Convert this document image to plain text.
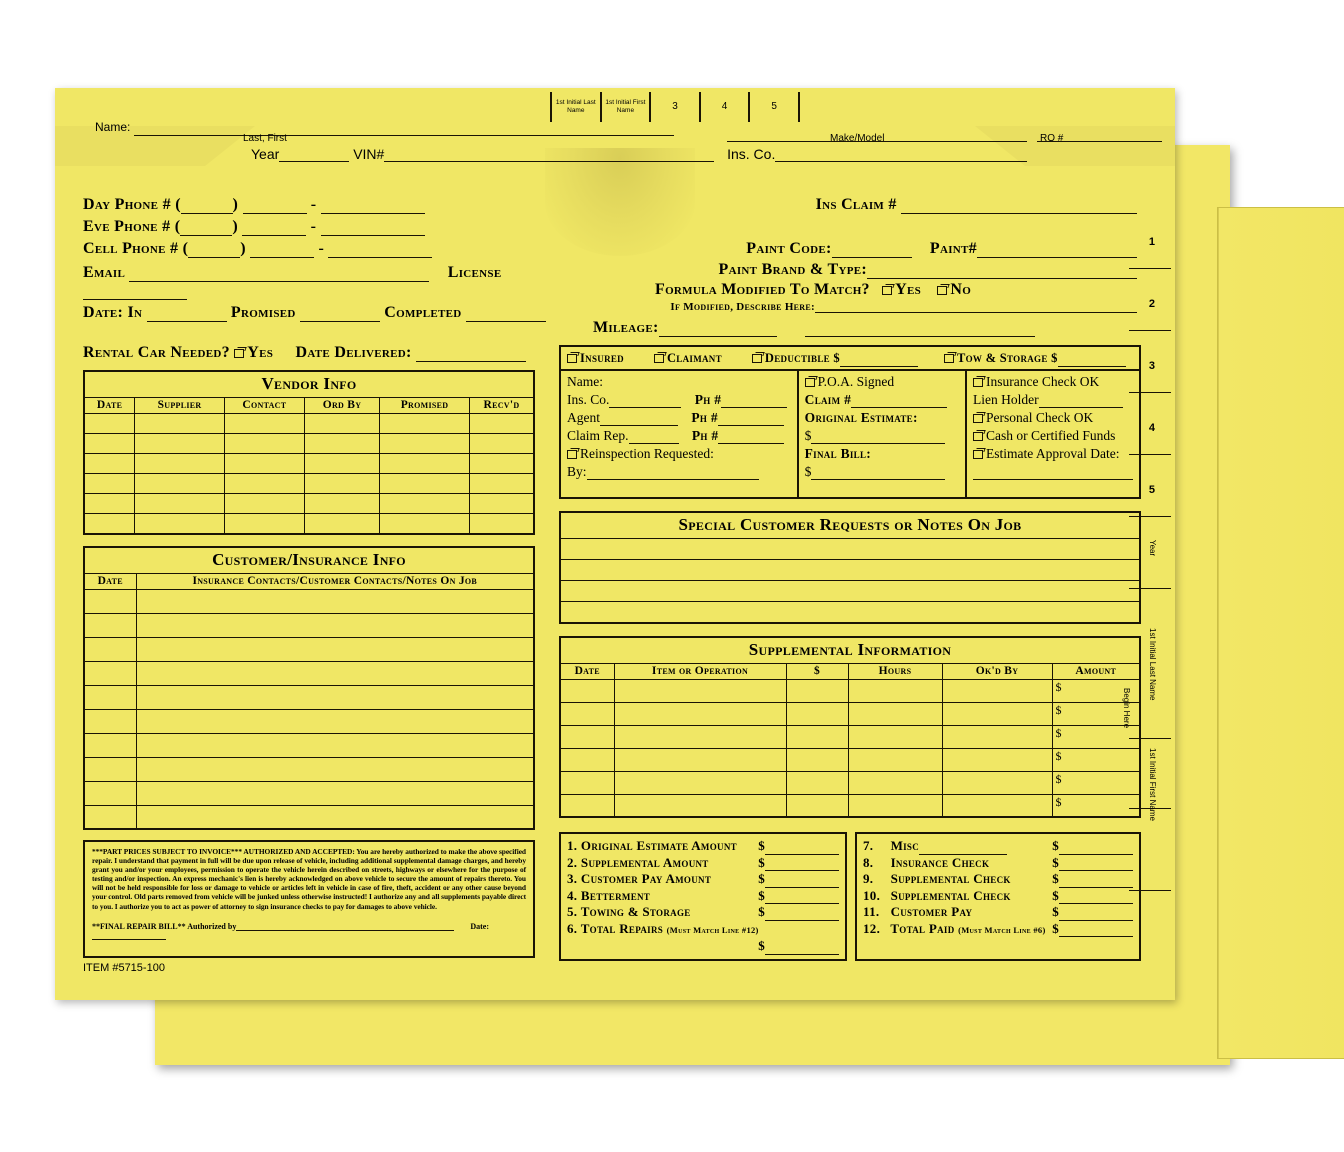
1st Initial Last Name
1st Initial First Name	3	4	5
Name:
Last, First	Make/Model	RO #
Year	VIN#	Ins. Co.
Day Phone # (	)	-
Eve Phone # (	)	-
Cell Phone # (	)	-
Email	License
Date: In	Promised	Completed
Rental Car Needed? Yes Date Delivered:
Vendor Info					
Date	Supplier	Contact	Ord By	Promised	Recv'd

Customer/Insurance Info	
Date	Insurance Contacts/Customer Contacts/Notes On Job

***PART PRICES SUBJECT TO INVOICE*** AUTHORIZED AND ACCEPTED: You are hereby authorized to make the above specified repair. I understand that payment in full will be due upon release of vehicle, including additional supplemental damage charges, and hereby grant you and/or your employees, permission to operate the vehicle herein described on streets, highways or elsewhere for the purpose of testing and/or inspection. An express mechanic's lien is hereby acknowledged on above vehicle to secure the amount of repairs thereto. You will not be held responsible for loss or damage to vehicle or articles left in vehicle in case of fire, theft, accident or any other cause beyond your control. Old parts removed from vehicle will be junked unless otherwise instructed! I authorize any and all supplements payable direct to you. I authorize you to act as power of attorney to sign insurance checks to pay for damages to above vehicle.
**FINAL REPAIR BILL** Authorized by	Date:
ITEM #5715-100
Ins Claim #
Paint Code:	Paint#
Paint Brand & Type:
Formula Modified To Match? Yes No
If Modified, Describe Here:
Mileage:
Insured	Claimant	Deductible $	Tow & Storage $
Name:
Ins. Co.	Ph #
Agent	Ph #
Claim Rep.	Ph #
Reinspection Requested:
By:
P.O.A. Signed
Claim #
Original Estimate:
$
Final Bill:
$
Insurance Check OK
Lien Holder
Personal Check OK
Cash or Certified Funds
Estimate Approval Date:
Special Customer Requests or Notes On Job

Supplemental Information					
Date	Item or Operation	$	Hours	Ok'd By	Amount
					$
					$
					$
					$
					$
					$
1. Original Estimate Amount $
2. Supplemental Amount	$
3. Customer Pay Amount	$
4. Betterment	$
5. Towing & Storage	$
6. Total Repairs (Must Match Line #12)
$
7. Misc	$
8. Insurance Check	$
9. Supplemental Check	$
10. Supplemental Check	$
11. Customer Pay	$
12. Total Paid (Must Match Line #6) $
1
2
3
4
5
Year
1st Initial Last Name
Begin Here
1st Initial First Name
